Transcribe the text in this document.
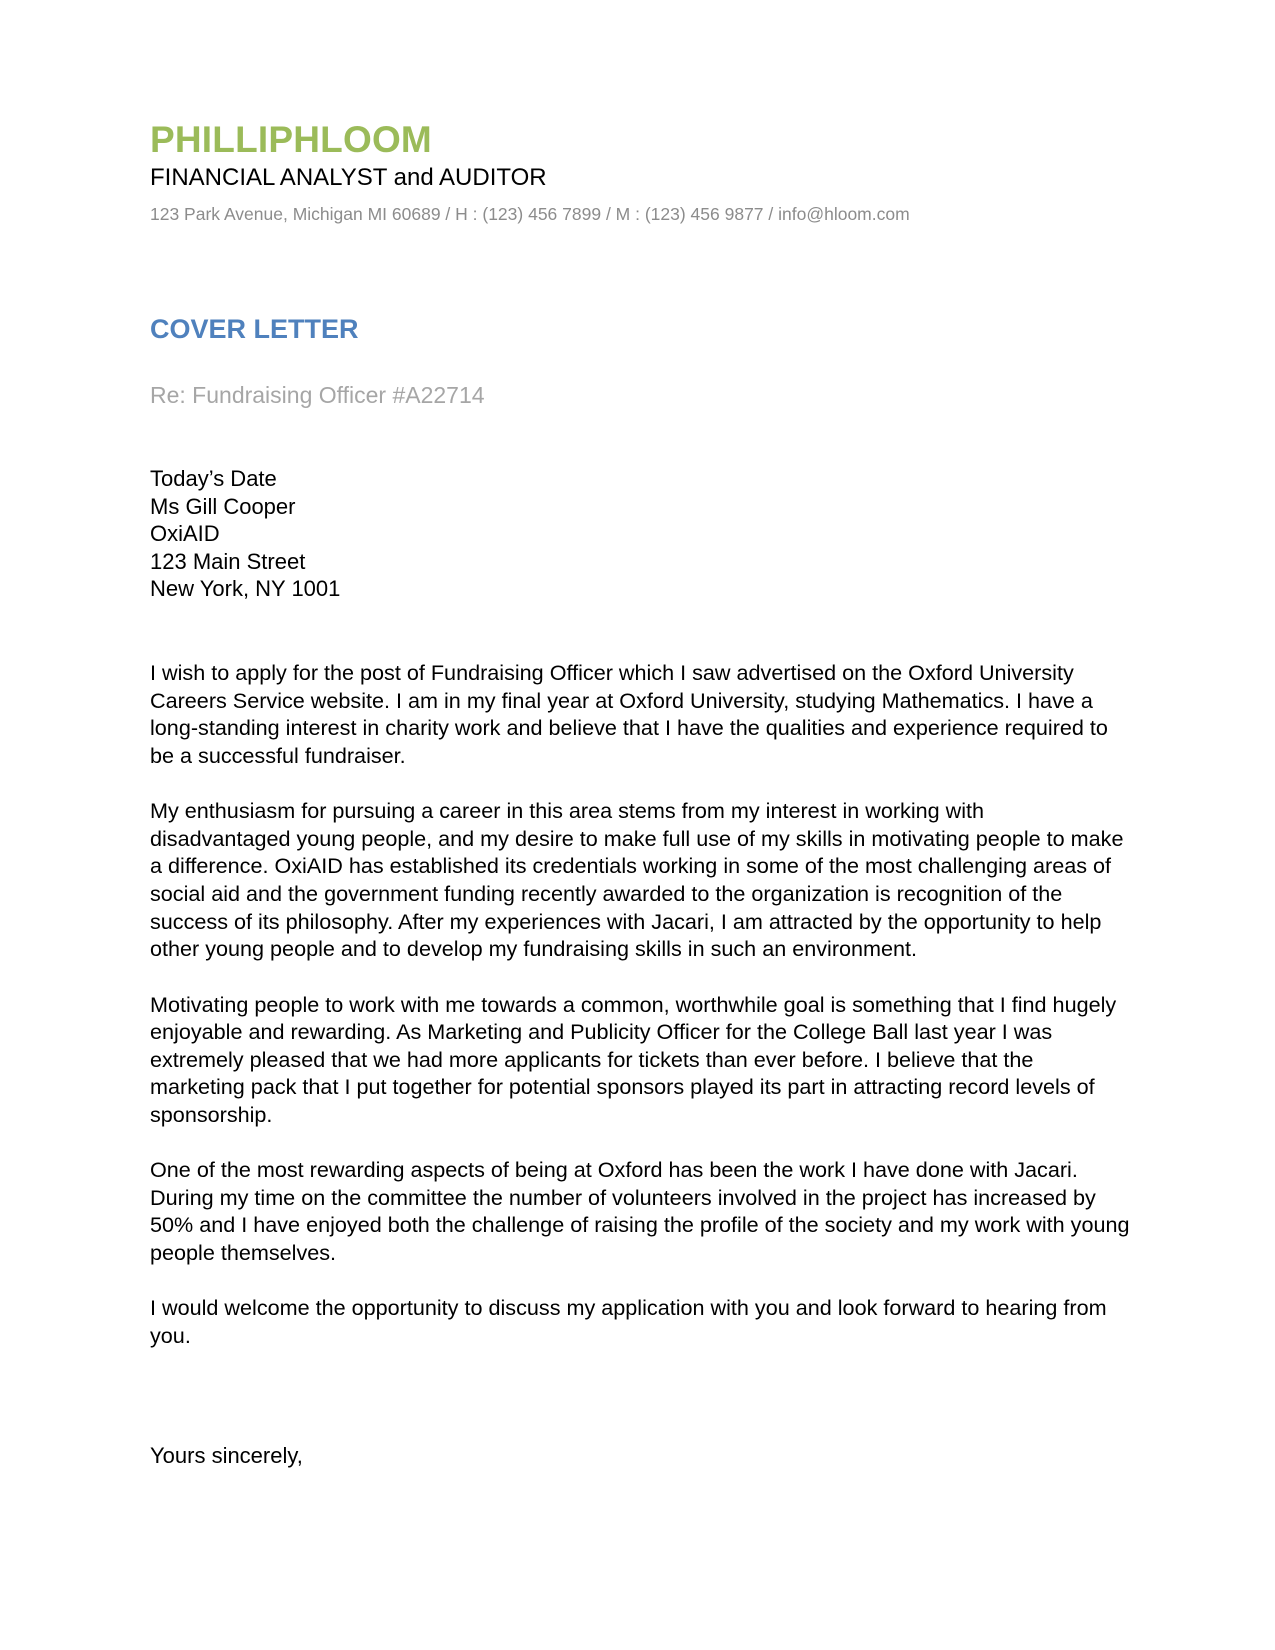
PHILLIPHLOOM
FINANCIAL ANALYST and AUDITOR
123 Park Avenue, Michigan MI 60689 / H : (123) 456 7899 / M : (123) 456 9877 / info@hloom.com
COVER LETTER
Re: Fundraising Officer #A22714
Today’s Date
Ms Gill Cooper
OxiAID
123 Main Street
New York, NY 1001

I wish to apply for the post of Fundraising Officer which I saw advertised on the Oxford University Careers Service website. I am in my final year at Oxford University, studying Mathematics. I have a long-standing interest in charity work and believe that I have the qualities and experience required to be a successful fundraiser.

My enthusiasm for pursuing a career in this area stems from my interest in working with disadvantaged young people, and my desire to make full use of my skills in motivating people to make a difference. OxiAID has established its credentials working in some of the most challenging areas of social aid and the government funding recently awarded to the organization is recognition of the success of its philosophy. After my experiences with Jacari, I am attracted by the opportunity to help other young people and to develop my fundraising skills in such an environment.

Motivating people to work with me towards a common, worthwhile goal is something that I find hugely enjoyable and rewarding. As Marketing and Publicity Officer for the College Ball last year I was extremely pleased that we had more applicants for tickets than ever before. I believe that the marketing pack that I put together for potential sponsors played its part in attracting record levels of sponsorship.

One of the most rewarding aspects of being at Oxford has been the work I have done with Jacari. During my time on the committee the number of volunteers involved in the project has increased by 50% and I have enjoyed both the challenge of raising the profile of the society and my work with young people themselves.

I would welcome the opportunity to discuss my application with you and look forward to hearing from you.

Yours sincerely,
